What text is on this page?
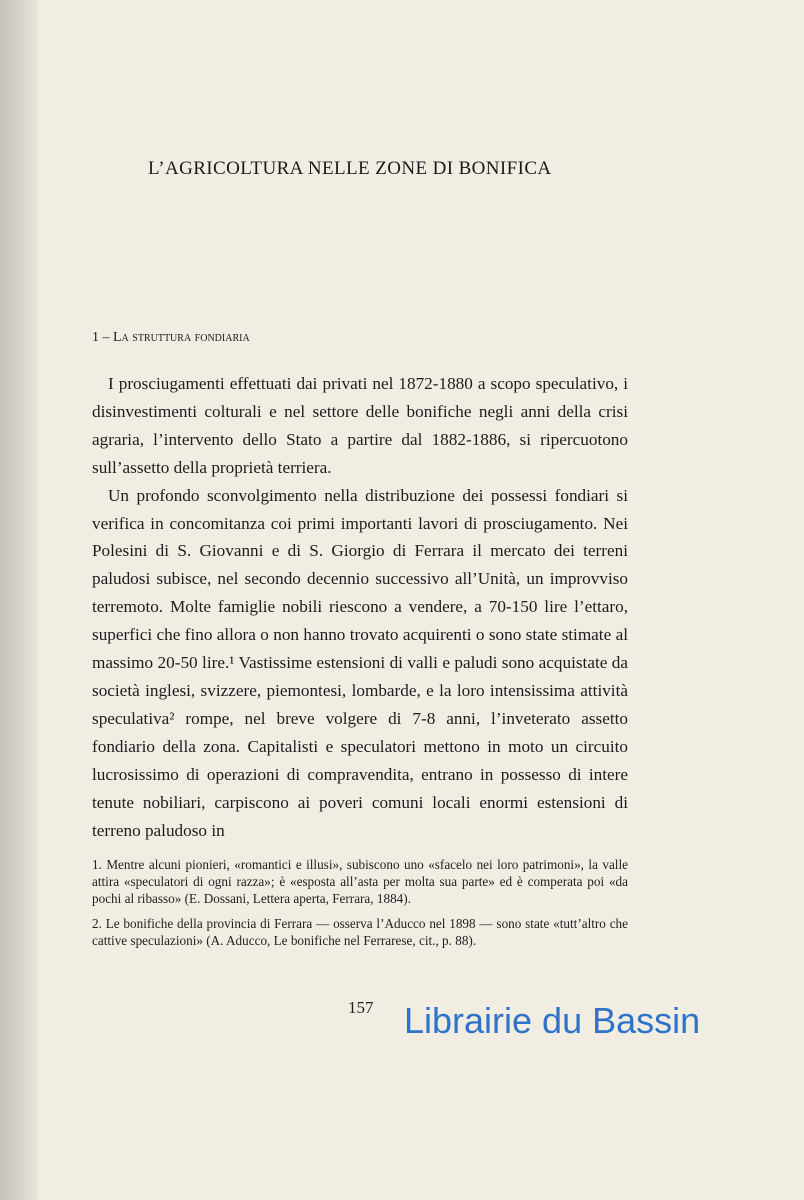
L’AGRICOLTURA NELLE ZONE DI BONIFICA
1 – La struttura fondiaria

I prosciugamenti effettuati dai privati nel 1872-1880 a scopo speculativo, i disinvestimenti colturali e nel settore delle bonifiche negli anni della crisi agraria, l’intervento dello Stato a partire dal 1882-1886, si ripercuotono sull’assetto della proprietà terriera.

Un profondo sconvolgimento nella distribuzione dei possessi fondiari si verifica in concomitanza coi primi importanti lavori di prosciugamento. Nei Polesini di S. Giovanni e di S. Giorgio di Ferrara il mercato dei terreni paludosi subisce, nel secondo decennio successivo all’Unità, un improvviso terremoto. Molte famiglie nobili riescono a vendere, a 70-150 lire l’ettaro, superfici che fino allora o non hanno trovato acquirenti o sono state stimate al massimo 20-50 lire.¹ Vastissime estensioni di valli e paludi sono acquistate da società inglesi, svizzere, piemontesi, lombarde, e la loro intensissima attività speculativa² rompe, nel breve volgere di 7-8 anni, l’inveterato assetto fondiario della zona. Capitalisti e speculatori mettono in moto un circuito lucrosissimo di operazioni di compravendita, entrano in possesso di intere tenute nobiliari, carpiscono ai poveri comuni locali enormi estensioni di terreno paludoso in

1. Mentre alcuni pionieri, «romantici e illusi», subiscono uno «sfacelo nei loro patrimoni», la valle attira «speculatori di ogni razza»; è «esposta all’asta per molta sua parte» ed è comperata poi «da pochi al ribasso» (E. Dossani, Lettera aperta, Ferrara, 1884).

2. Le bonifiche della provincia di Ferrara — osserva l’Aducco nel 1898 — sono state «tutt’altro che cattive speculazioni» (A. Aducco, Le bonifiche nel Ferrarese, cit., p. 88).

157 Librairie du Bassin
